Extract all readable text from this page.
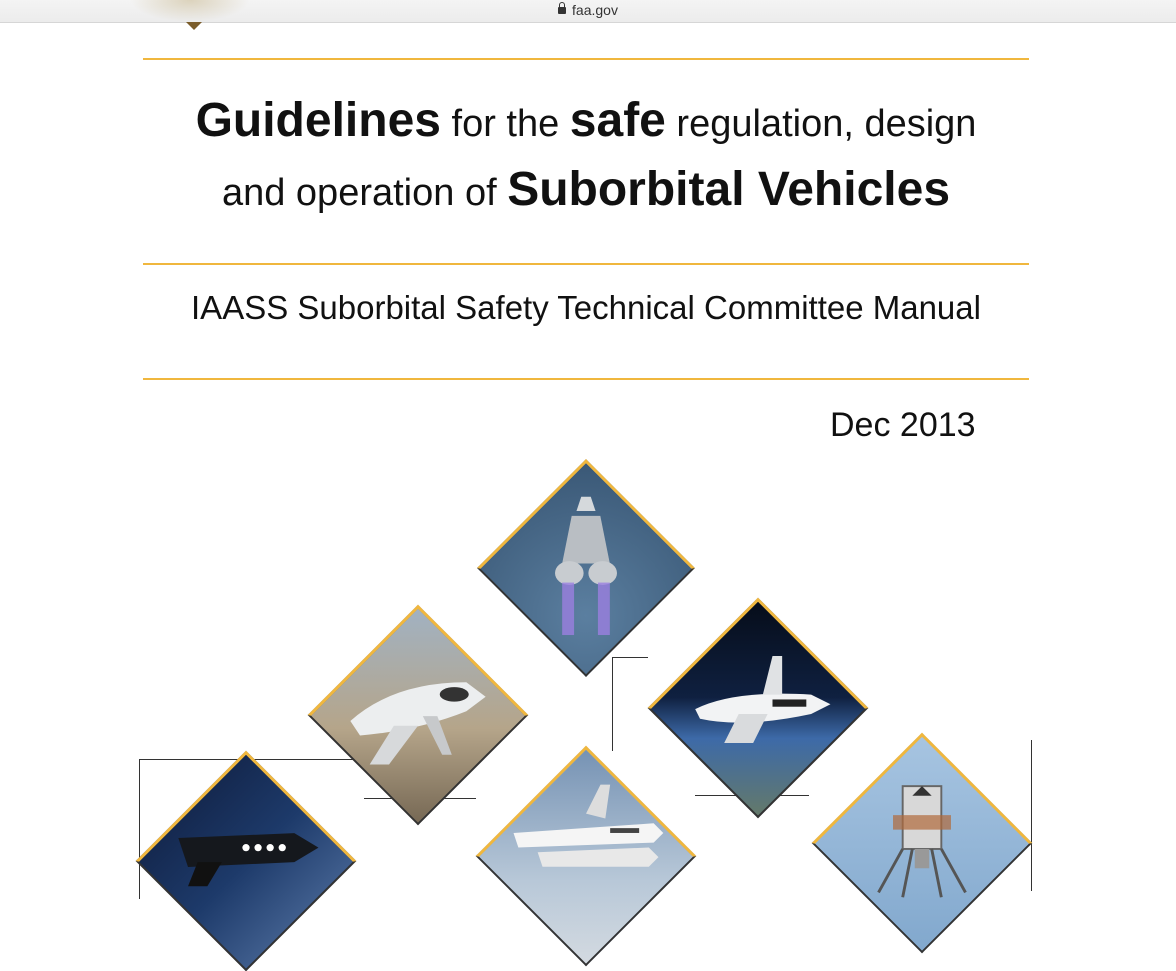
faa.gov
Guidelines for the safe regulation, design
and operation of Suborbital Vehicles
IAASS Suborbital Safety Technical Committee Manual
Dec 2013
